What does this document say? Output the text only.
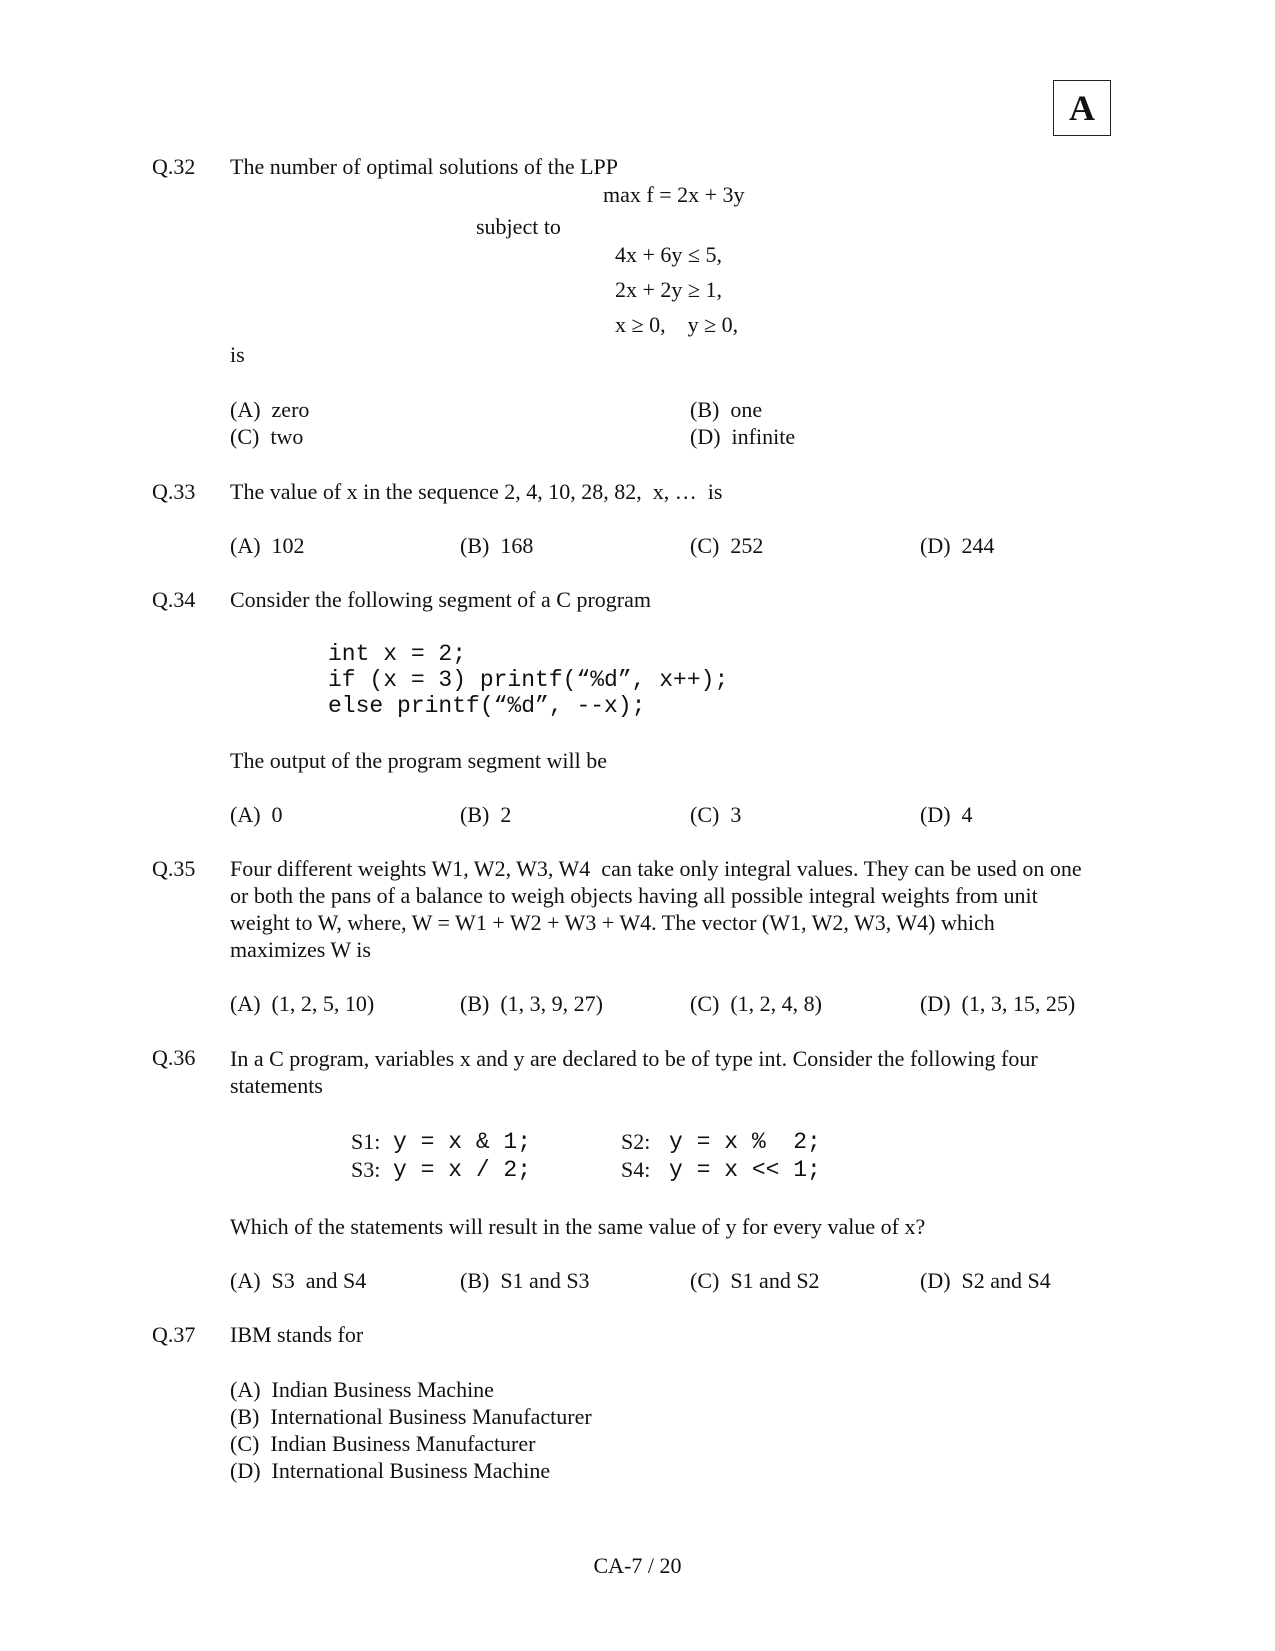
A
Q.32 The number of optimal solutions of the LPP
max f = 2x + 3y
subject to
4x + 6y ≤ 5,
2x + 2y ≥ 1,
x ≥ 0,    y ≥ 0,
is
(A)  zero	(B)  one
(C)  two	(D)  infinite
Q.33 The value of x in the sequence 2, 4, 10, 28, 82,  x, …  is
(A)  102	(B)  168	(C)  252	(D)  244
Q.34 Consider the following segment of a C program
int x = 2;
if (x = 3) printf(“%d”, x++);
else printf(“%d”, --x);
The output of the program segment will be
(A)  0	(B)  2	(C)  3	(D)  4
Q.35 Four different weights W1, W2, W3, W4  can take only integral values. They can be used on one
or both the pans of a balance to weigh objects having all possible integral weights from unit
weight to W, where, W = W1 + W2 + W3 + W4. The vector (W1, W2, W3, W4) which
maximizes W is
(A)  (1, 2, 5, 10)	(B)  (1, 3, 9, 27)	(C)  (1, 2, 4, 8)	(D)  (1, 3, 15, 25)
Q.36 In a C program, variables x and y are declared to be of type int. Consider the following four statements
S1: y = x & 1;	S2: y = x %  2;
S3: y = x / 2;	S4: y = x << 1;
Which of the statements will result in the same value of y for every value of x?
(A)  S3  and S4	(B)  S1 and S3	(C)  S1 and S2	(D)  S2 and S4
Q.37 IBM stands for
(A)  Indian Business Machine
(B)  International Business Manufacturer
(C)  Indian Business Manufacturer
(D)  International Business Machine
CA-7 / 20
